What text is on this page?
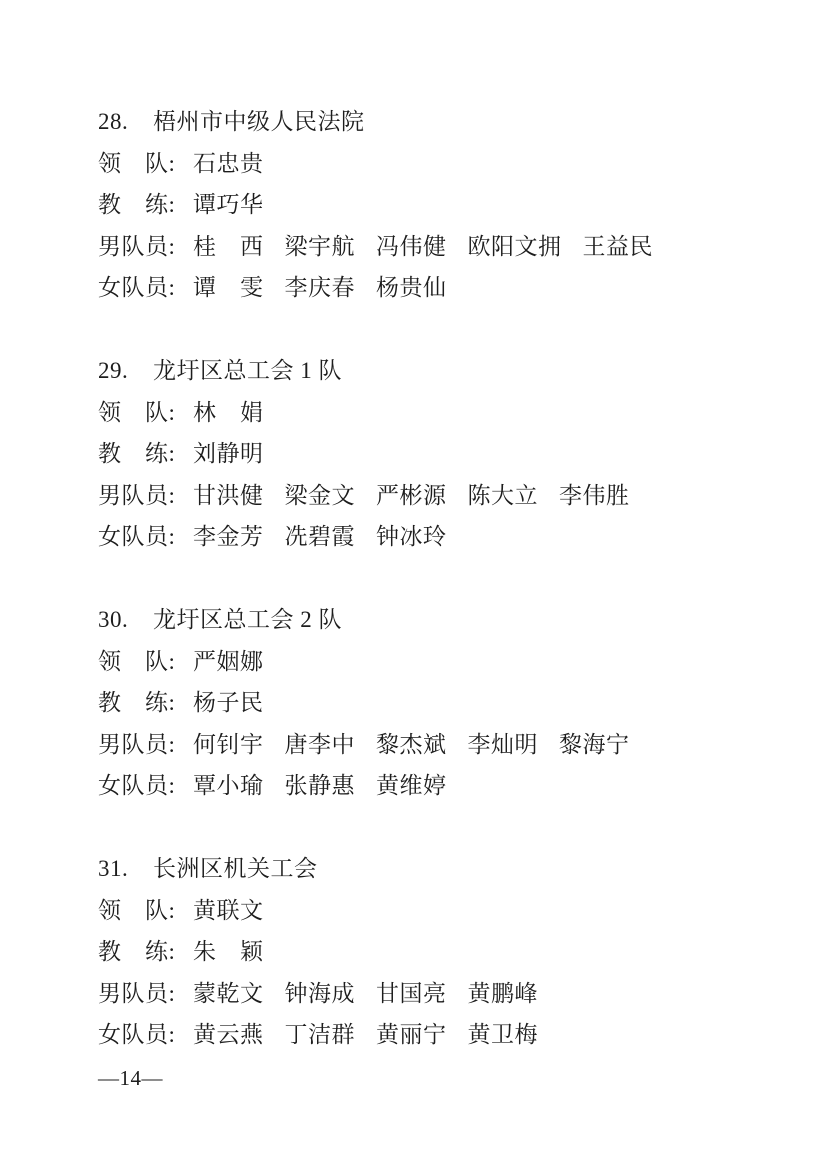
28. 梧州市中级人民法院
领　队: 石忠贵
教　练: 谭巧华
男队员: 桂　西 梁宇航 冯伟健 欧阳文拥 王益民
女队员: 谭　雯 李庆春 杨贵仙
29. 龙圩区总工会 1 队
领　队: 林　娟
教　练: 刘静明
男队员: 甘洪健 梁金文 严彬源 陈大立 李伟胜
女队员: 李金芳 冼碧霞 钟冰玲
30. 龙圩区总工会 2 队
领　队: 严姻娜
教　练: 杨子民
男队员: 何钊宇 唐李中 黎杰斌 李灿明 黎海宁
女队员: 覃小瑜 张静惠 黄维婷
31. 长洲区机关工会
领　队: 黄联文
教　练: 朱　颖
男队员: 蒙乾文 钟海成 甘国亮 黄鹏峰
女队员: 黄云燕 丁洁群 黄丽宁 黄卫梅
—14—
